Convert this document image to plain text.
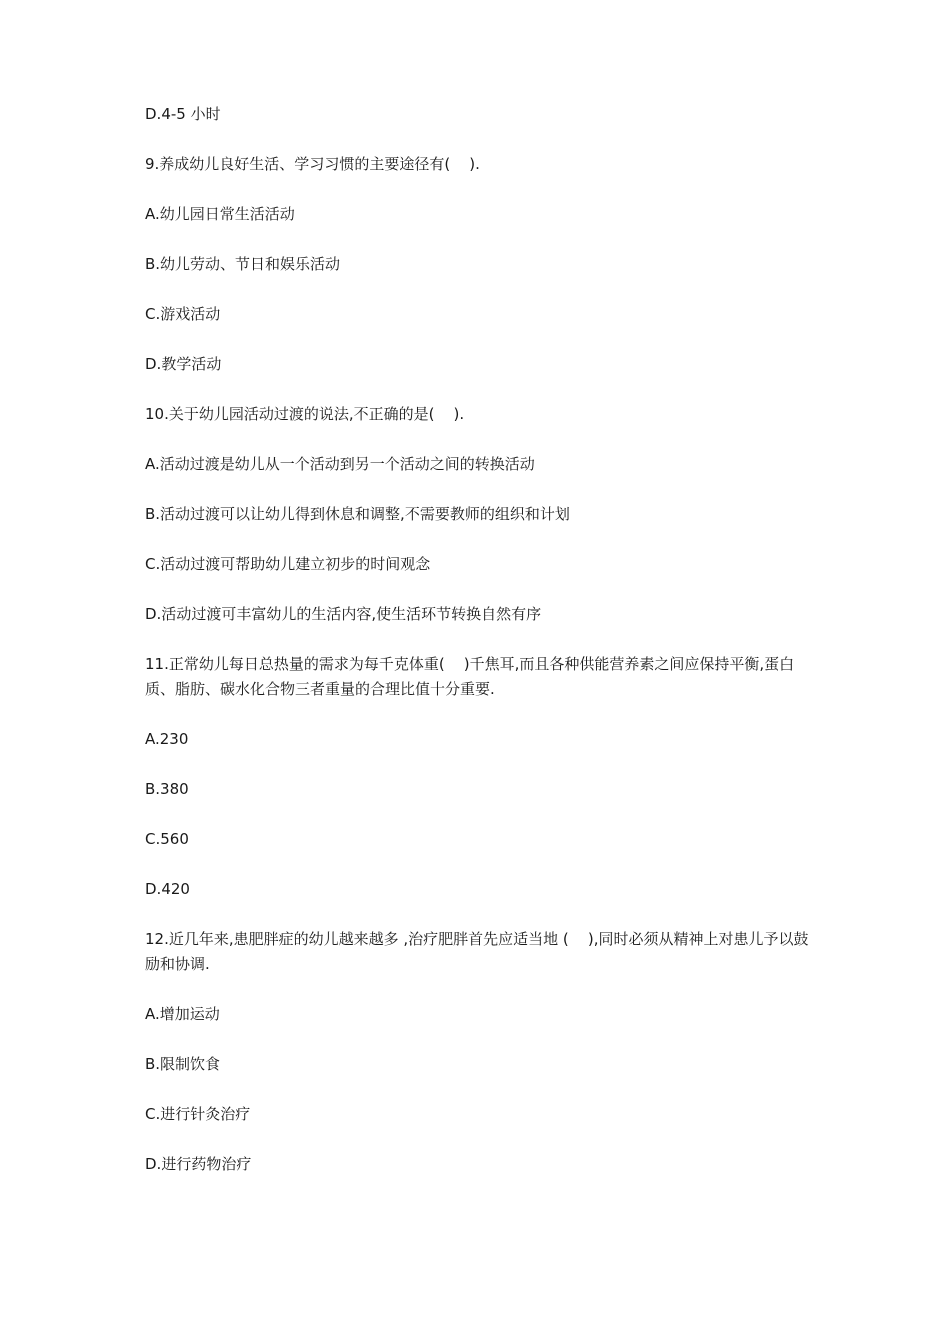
D.4-5 小时

9.养成幼儿良好生活、学习习惯的主要途径有(    ).

A.幼儿园日常生活活动

B.幼儿劳动、节日和娱乐活动

C.游戏活动

D.教学活动

10.关于幼儿园活动过渡的说法,不正确的是(    ).

A.活动过渡是幼儿从一个活动到另一个活动之间的转换活动

B.活动过渡可以让幼儿得到休息和调整,不需要教师的组织和计划

C.活动过渡可帮助幼儿建立初步的时间观念

D.活动过渡可丰富幼儿的生活内容,使生活环节转换自然有序

11.正常幼儿每日总热量的需求为每千克体重(    )千焦耳,而且各种供能营养素之间应保持平衡,蛋白质、脂肪、碳水化合物三者重量的合理比值十分重要.

A.230

B.380

C.560

D.420

12.近几年来,患肥胖症的幼儿越来越多 ,治疗肥胖首先应适当地 (    ),同时必须从精神上对患儿予以鼓励和协调.

A.增加运动

B.限制饮食

C.进行针灸治疗

D.进行药物治疗
